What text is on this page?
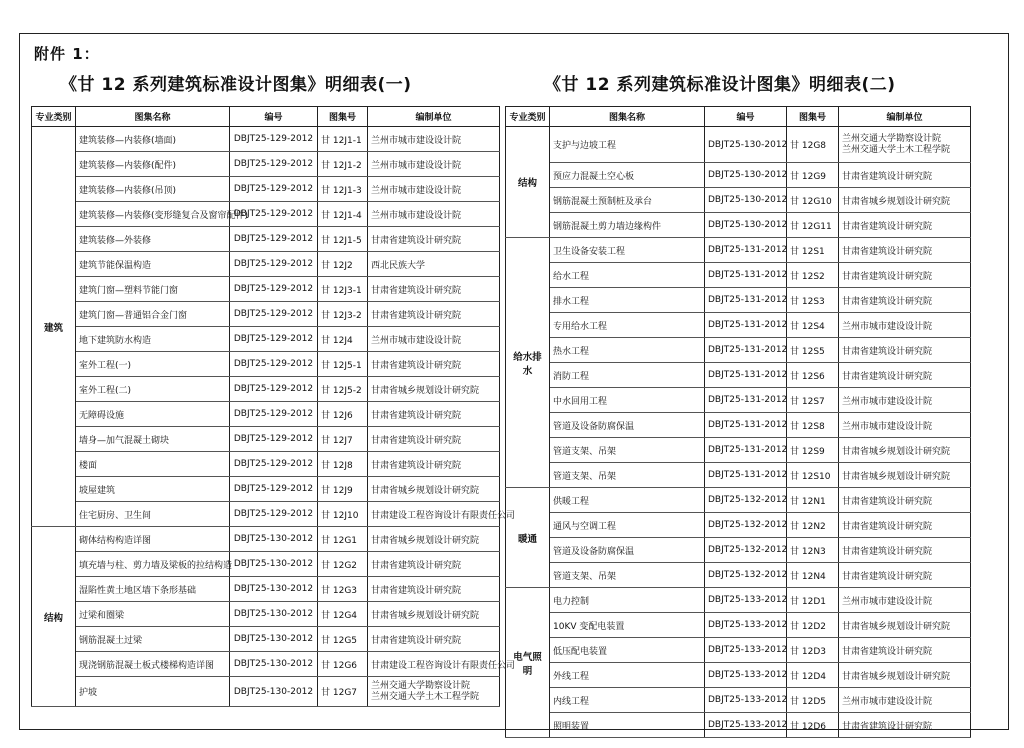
附件 1：
《甘 12 系列建筑标准设计图集》明细表(一)	《甘 12 系列建筑标准设计图集》明细表(二)
专业类别	图集名称	编号	图集号	编制单位
建筑	建筑装修—内装修(墙面)	DBJT25-129-2012	甘 12J1-1	兰州市城市建设设计院
	建筑装修—内装修(配件)	DBJT25-129-2012	甘 12J1-2	兰州市城市建设设计院
	建筑装修—内装修(吊顶)	DBJT25-129-2012	甘 12J1-3	兰州市城市建设设计院
	建筑装修—内装修(变形缝复合及窗帘配件)	DBJT25-129-2012	甘 12J1-4	兰州市城市建设设计院
	建筑装修—外装修	DBJT25-129-2012	甘 12J1-5	甘肃省建筑设计研究院
	建筑节能保温构造	DBJT25-129-2012	甘 12J2	西北民族大学
	建筑门窗—塑料节能门窗	DBJT25-129-2012	甘 12J3-1	甘肃省建筑设计研究院
	建筑门窗—普通铝合金门窗	DBJT25-129-2012	甘 12J3-2	甘肃省建筑设计研究院
	地下建筑防水构造	DBJT25-129-2012	甘 12J4	兰州市城市建设设计院
	室外工程(一)	DBJT25-129-2012	甘 12J5-1	甘肃省建筑设计研究院
	室外工程(二)	DBJT25-129-2012	甘 12J5-2	甘肃省城乡规划设计研究院
	无障碍设施	DBJT25-129-2012	甘 12J6	甘肃省建筑设计研究院
	墙身—加气混凝土砌块	DBJT25-129-2012	甘 12J7	甘肃省建筑设计研究院
	楼面	DBJT25-129-2012	甘 12J8	甘肃省建筑设计研究院
	坡屋建筑	DBJT25-129-2012	甘 12J9	甘肃省城乡规划设计研究院
	住宅厨房、卫生间	DBJT25-129-2012	甘 12J10	甘肃建设工程咨询设计有限责任公司
结构	砌体结构构造详图	DBJT25-130-2012	甘 12G1	甘肃省城乡规划设计研究院
	填充墙与柱、剪力墙及梁板的拉结构造	DBJT25-130-2012	甘 12G2	甘肃省建筑设计研究院
	湿陷性黄土地区墙下条形基础	DBJT25-130-2012	甘 12G3	甘肃省建筑设计研究院
	过梁和圈梁	DBJT25-130-2012	甘 12G4	甘肃省城乡规划设计研究院
	钢筋混凝土过梁	DBJT25-130-2012	甘 12G5	甘肃省建筑设计研究院
	现浇钢筋混凝土板式楼梯构造详图	DBJT25-130-2012	甘 12G6	甘肃建设工程咨询设计有限责任公司
	护坡	DBJT25-130-2012	甘 12G7	兰州交通大学勘察设计院
兰州交通大学土木工程学院
专业类别	图集名称	编号	图集号	编制单位
结构	支护与边坡工程	DBJT25-130-2012	甘 12G8	兰州交通大学勘察设计院
兰州交通大学土木工程学院
	预应力混凝土空心板	DBJT25-130-2012	甘 12G9	甘肃省建筑设计研究院
	钢筋混凝土预制桩及承台	DBJT25-130-2012	甘 12G10	甘肃省城乡规划设计研究院
	钢筋混凝土剪力墙边缘构件	DBJT25-130-2012	甘 12G11	甘肃省建筑设计研究院
给水排水	卫生设备安装工程	DBJT25-131-2012	甘 12S1	甘肃省建筑设计研究院
	给水工程	DBJT25-131-2012	甘 12S2	甘肃省建筑设计研究院
	排水工程	DBJT25-131-2012	甘 12S3	甘肃省建筑设计研究院
	专用给水工程	DBJT25-131-2012	甘 12S4	兰州市城市建设设计院
	热水工程	DBJT25-131-2012	甘 12S5	甘肃省建筑设计研究院
	消防工程	DBJT25-131-2012	甘 12S6	甘肃省建筑设计研究院
	中水回用工程	DBJT25-131-2012	甘 12S7	兰州市城市建设设计院
	管道及设备防腐保温	DBJT25-131-2012	甘 12S8	兰州市城市建设设计院
	管道支架、吊架	DBJT25-131-2012	甘 12S9	甘肃省城乡规划设计研究院
	管道支架、吊架	DBJT25-131-2012	甘 12S10	甘肃省城乡规划设计研究院
暖通	供暖工程	DBJT25-132-2012	甘 12N1	甘肃省建筑设计研究院
	通风与空调工程	DBJT25-132-2012	甘 12N2	甘肃省建筑设计研究院
	管道及设备防腐保温	DBJT25-132-2012	甘 12N3	甘肃省建筑设计研究院
	管道支架、吊架	DBJT25-132-2012	甘 12N4	甘肃省建筑设计研究院
电气照明	电力控制	DBJT25-133-2012	甘 12D1	兰州市城市建设设计院
	10KV 变配电装置	DBJT25-133-2012	甘 12D2	甘肃省城乡规划设计研究院
	低压配电装置	DBJT25-133-2012	甘 12D3	甘肃省建筑设计研究院
	外线工程	DBJT25-133-2012	甘 12D4	甘肃省城乡规划设计研究院
	内线工程	DBJT25-133-2012	甘 12D5	兰州市城市建设设计院
	照明装置	DBJT25-133-2012	甘 12D6	甘肃省建筑设计研究院
